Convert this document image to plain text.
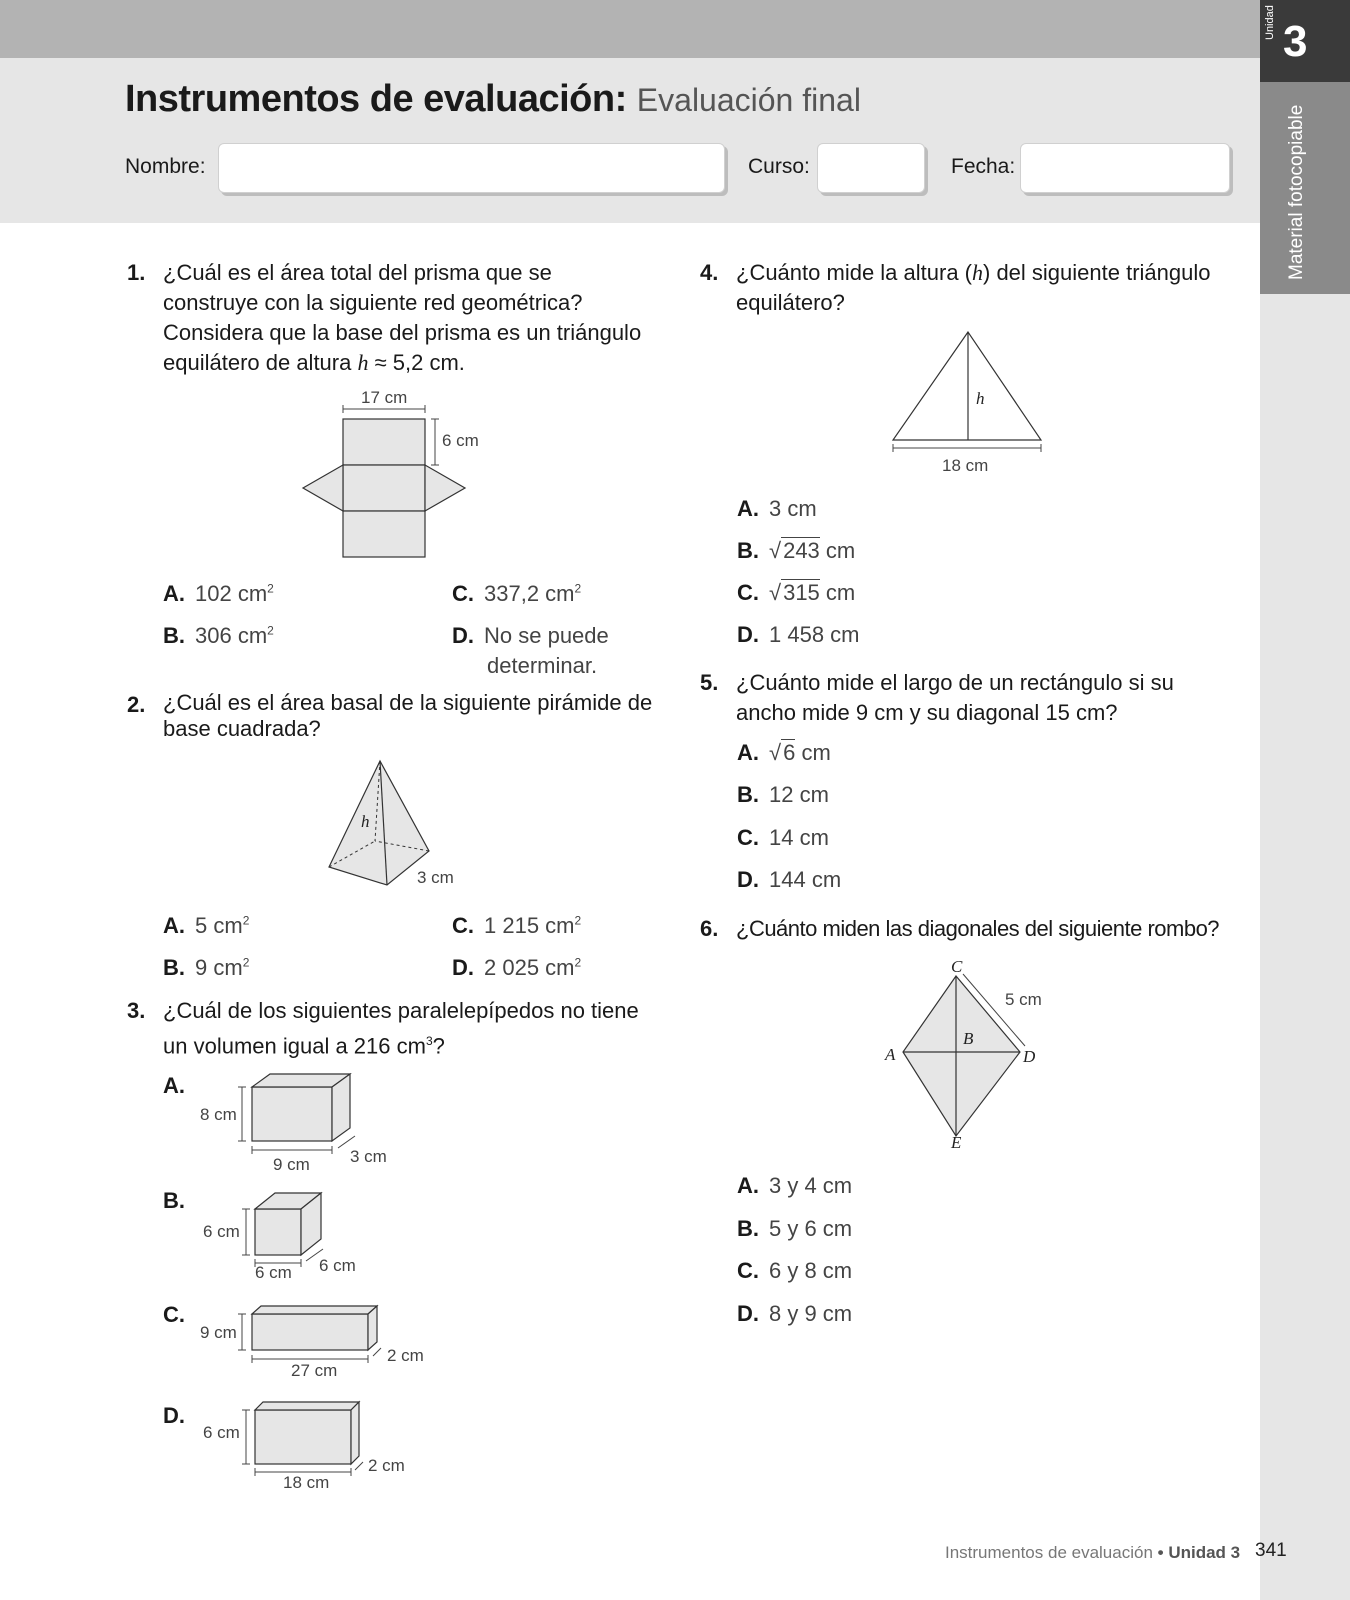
Unidad 3
Material fotocopiable
Instrumentos de evaluación: Evaluación final
Nombre:	Curso:	Fecha:
1. ¿Cuál es el área total del prisma que se construye con la siguiente red geométrica? Considera que la base del prisma es un triángulo equilátero de altura h ≈ 5,2 cm.
17 cm
6 cm
A. 102 $cm^2$
B. 306 $cm^2$
C. 337,2 $cm^2$
D. No se puede
determinar.
2. ¿Cuál es el área basal de la siguiente pirámide de base cuadrada?
h
3 cm
A. 5 $cm^2$
B. 9 $cm^2$
C. 1 215 $cm^2$
D. 2 025 $cm^2$
3. ¿Cuál de los siguientes paralelepípedos no tiene un volumen igual a 216 $cm^3$?
A.
8 cm
9 cm 3 cm
B.
6 cm
6 cm 6 cm
C.
9 cm
27 cm
2 cm
D.
6 cm
18 cm
2 cm
4. ¿Cuánto mide la altura (h) del siguiente triángulo equilátero?
h
18 cm
A. 3 cm
B. √243 cm
C. √315 cm
D. 1 458 cm
5. ¿Cuánto mide el largo de un rectángulo si su ancho mide 9 cm y su diagonal 15 cm?
A. √6 cm
B. 12 cm
C. 14 cm
D. 144 cm
6. ¿Cuánto miden las diagonales del siguiente rombo?
C
A
B
D
E
5 cm
A. 3 y 4 cm
B. 5 y 6 cm
C. 6 y 8 cm
D. 8 y 9 cm
Instrumentos de evaluación • Unidad 3 341
